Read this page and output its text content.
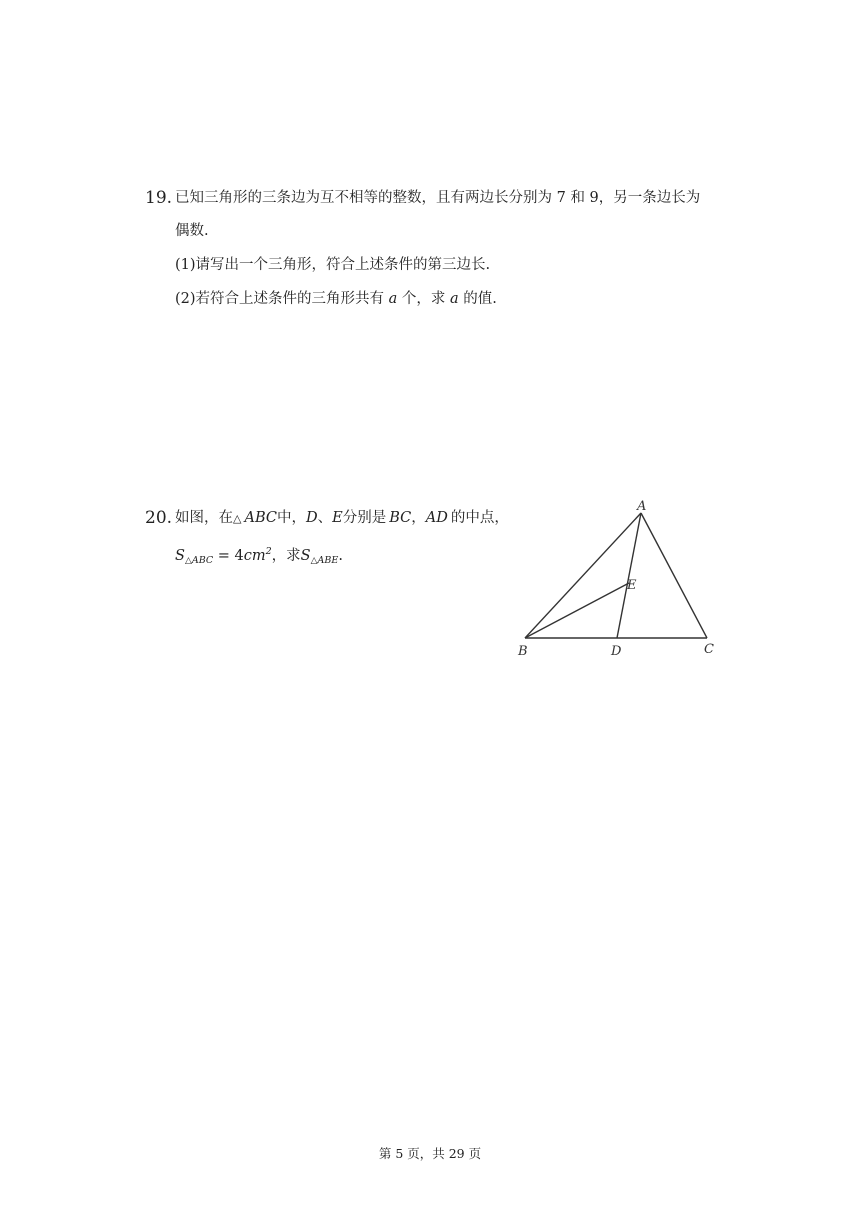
19. 已知三角形的三条边为互不相等的整数，且有两边长分别为 7 和 9，另一条边长为
偶数.
(1)请写出一个三角形，符合上述条件的第三边长.
(2)若符合上述条件的三角形共有 a 个，求 a 的值.
20. 如图，在△ ABC中，D、E分别是 BC，AD 的中点，
$S_{\triangle ABC} = 4cm^2$，求$S_{\triangle ABE}$.
A
E
B	D	C
第 5 页，共 29 页
